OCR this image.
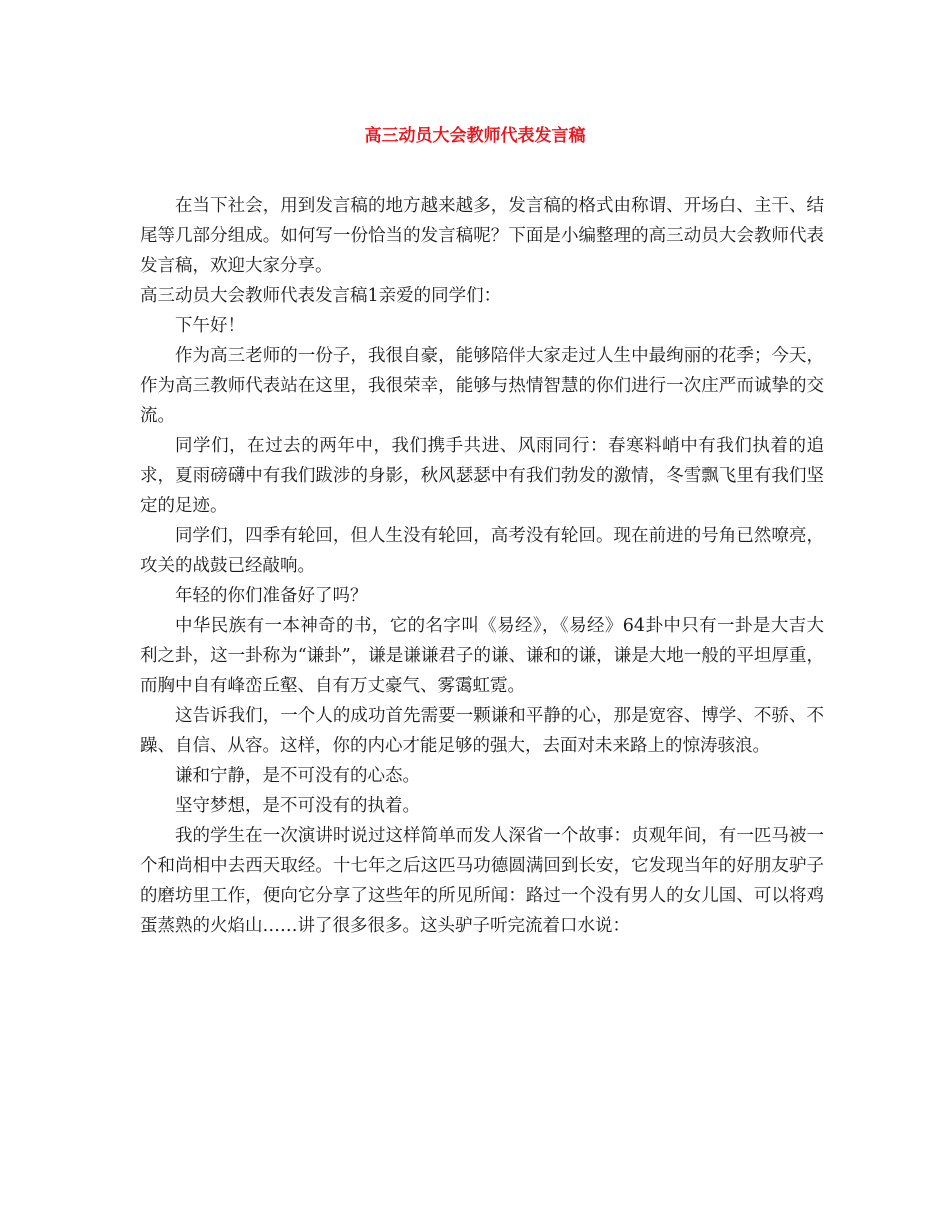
高三动员大会教师代表发言稿

在当下社会，用到发言稿的地方越来越多，发言稿的格式由称谓、开场白、主干、结尾等几部分组成。如何写一份恰当的发言稿呢？下面是小编整理的高三动员大会教师代表发言稿，欢迎大家分享。

高三动员大会教师代表发言稿1亲爱的同学们：

下午好！

作为高三老师的一份子，我很自豪，能够陪伴大家走过人生中最绚丽的花季；今天，作为高三教师代表站在这里，我很荣幸，能够与热情智慧的你们进行一次庄严而诚挚的交流。

同学们，在过去的两年中，我们携手共进、风雨同行：春寒料峭中有我们执着的追求，夏雨磅礴中有我们跋涉的身影，秋风瑟瑟中有我们勃发的激情，冬雪飘飞里有我们坚定的足迹。

同学们，四季有轮回，但人生没有轮回，高考没有轮回。现在前进的号角已然嘹亮，攻关的战鼓已经敲响。

年轻的你们准备好了吗？

中华民族有一本神奇的书，它的名字叫《易经》，《易经》64卦中只有一卦是大吉大利之卦，这一卦称为“谦卦”，谦是谦谦君子的谦、谦和的谦，谦是大地一般的平坦厚重，而胸中自有峰峦丘壑、自有万丈豪气、雾霭虹霓。

这告诉我们，一个人的成功首先需要一颗谦和平静的心，那是宽容、博学、不骄、不躁、自信、从容。这样，你的内心才能足够的强大，去面对未来路上的惊涛骇浪。

谦和宁静，是不可没有的心态。

坚守梦想，是不可没有的执着。

我的学生在一次演讲时说过这样简单而发人深省一个故事：贞观年间，有一匹马被一个和尚相中去西天取经。十七年之后这匹马功德圆满回到长安，它发现当年的好朋友驴子的磨坊里工作，便向它分享了这些年的所见所闻：路过一个没有男人的女儿国、可以将鸡蛋蒸熟的火焰山……讲了很多很多。这头驴子听完流着口水说：
